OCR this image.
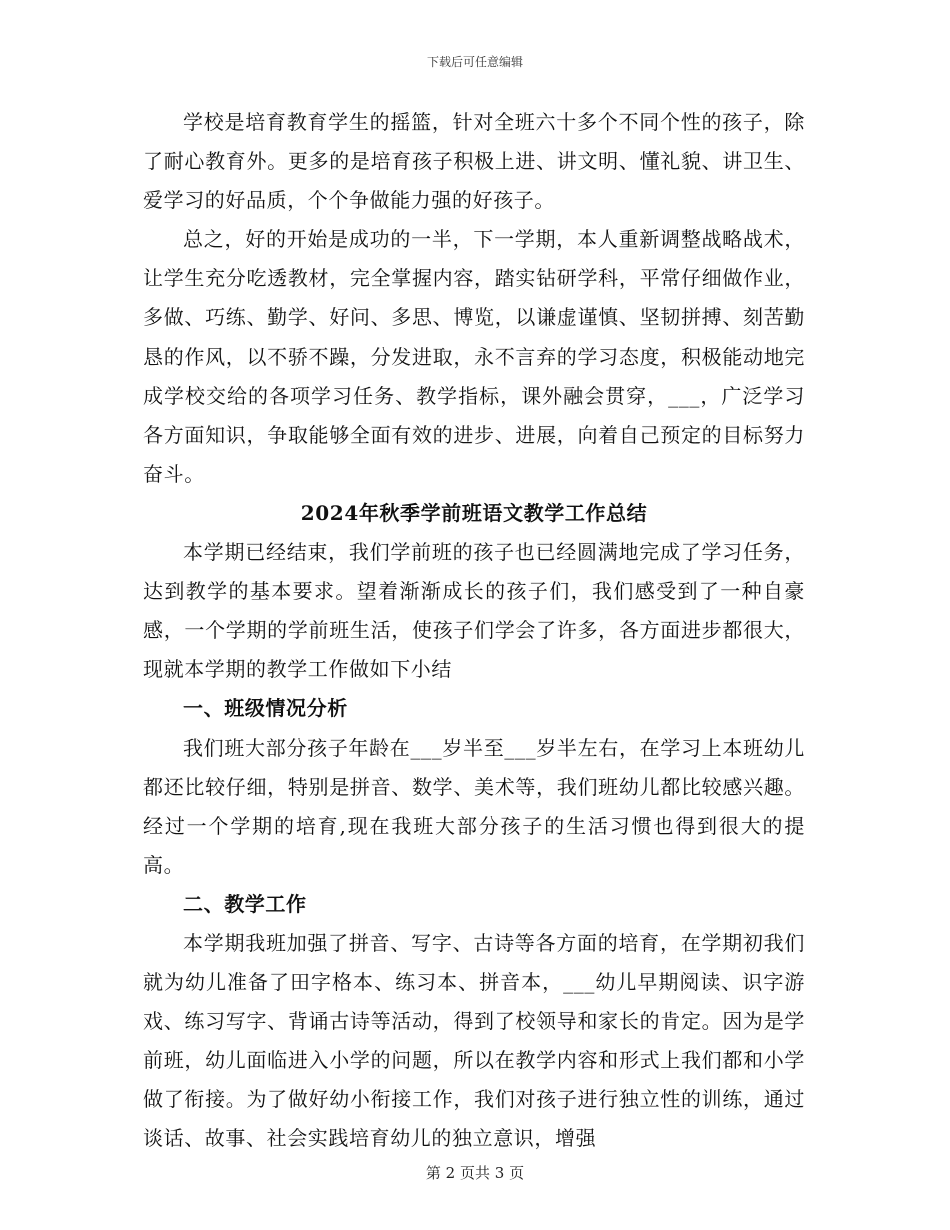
下载后可任意编辑

学校是培育教育学生的摇篮，针对全班六十多个不同个性的孩子，除了耐心教育外。更多的是培育孩子积极上进、讲文明、懂礼貌、讲卫生、爱学习的好品质，个个争做能力强的好孩子。

总之，好的开始是成功的一半，下一学期，本人重新调整战略战术，让学生充分吃透教材，完全掌握内容，踏实钻研学科，平常仔细做作业，多做、巧练、勤学、好问、多思、博览，以谦虚谨慎、坚韧拼搏、刻苦勤恳的作风，以不骄不躁，分发进取，永不言弃的学习态度，积极能动地完成学校交给的各项学习任务、教学指标，课外融会贯穿，___，广泛学习各方面知识，争取能够全面有效的进步、进展，向着自己预定的目标努力奋斗。

2024年秋季学前班语文教学工作总结

本学期已经结束，我们学前班的孩子也已经圆满地完成了学习任务，达到教学的基本要求。望着渐渐成长的孩子们，我们感受到了一种自豪感，一个学期的学前班生活，使孩子们学会了许多，各方面进步都很大，现就本学期的教学工作做如下小结

一、班级情况分析

我们班大部分孩子年龄在___岁半至___岁半左右，在学习上本班幼儿都还比较仔细，特别是拼音、数学、美术等，我们班幼儿都比较感兴趣。经过一个学期的培育,现在我班大部分孩子的生活习惯也得到很大的提高。

二、教学工作

本学期我班加强了拼音、写字、古诗等各方面的培育，在学期初我们就为幼儿准备了田字格本、练习本、拼音本，___幼儿早期阅读、识字游戏、练习写字、背诵古诗等活动，得到了校领导和家长的肯定。因为是学前班，幼儿面临进入小学的问题，所以在教学内容和形式上我们都和小学做了衔接。为了做好幼小衔接工作，我们对孩子进行独立性的训练，通过谈话、故事、社会实践培育幼儿的独立意识，增强

第 2 页共 3 页
